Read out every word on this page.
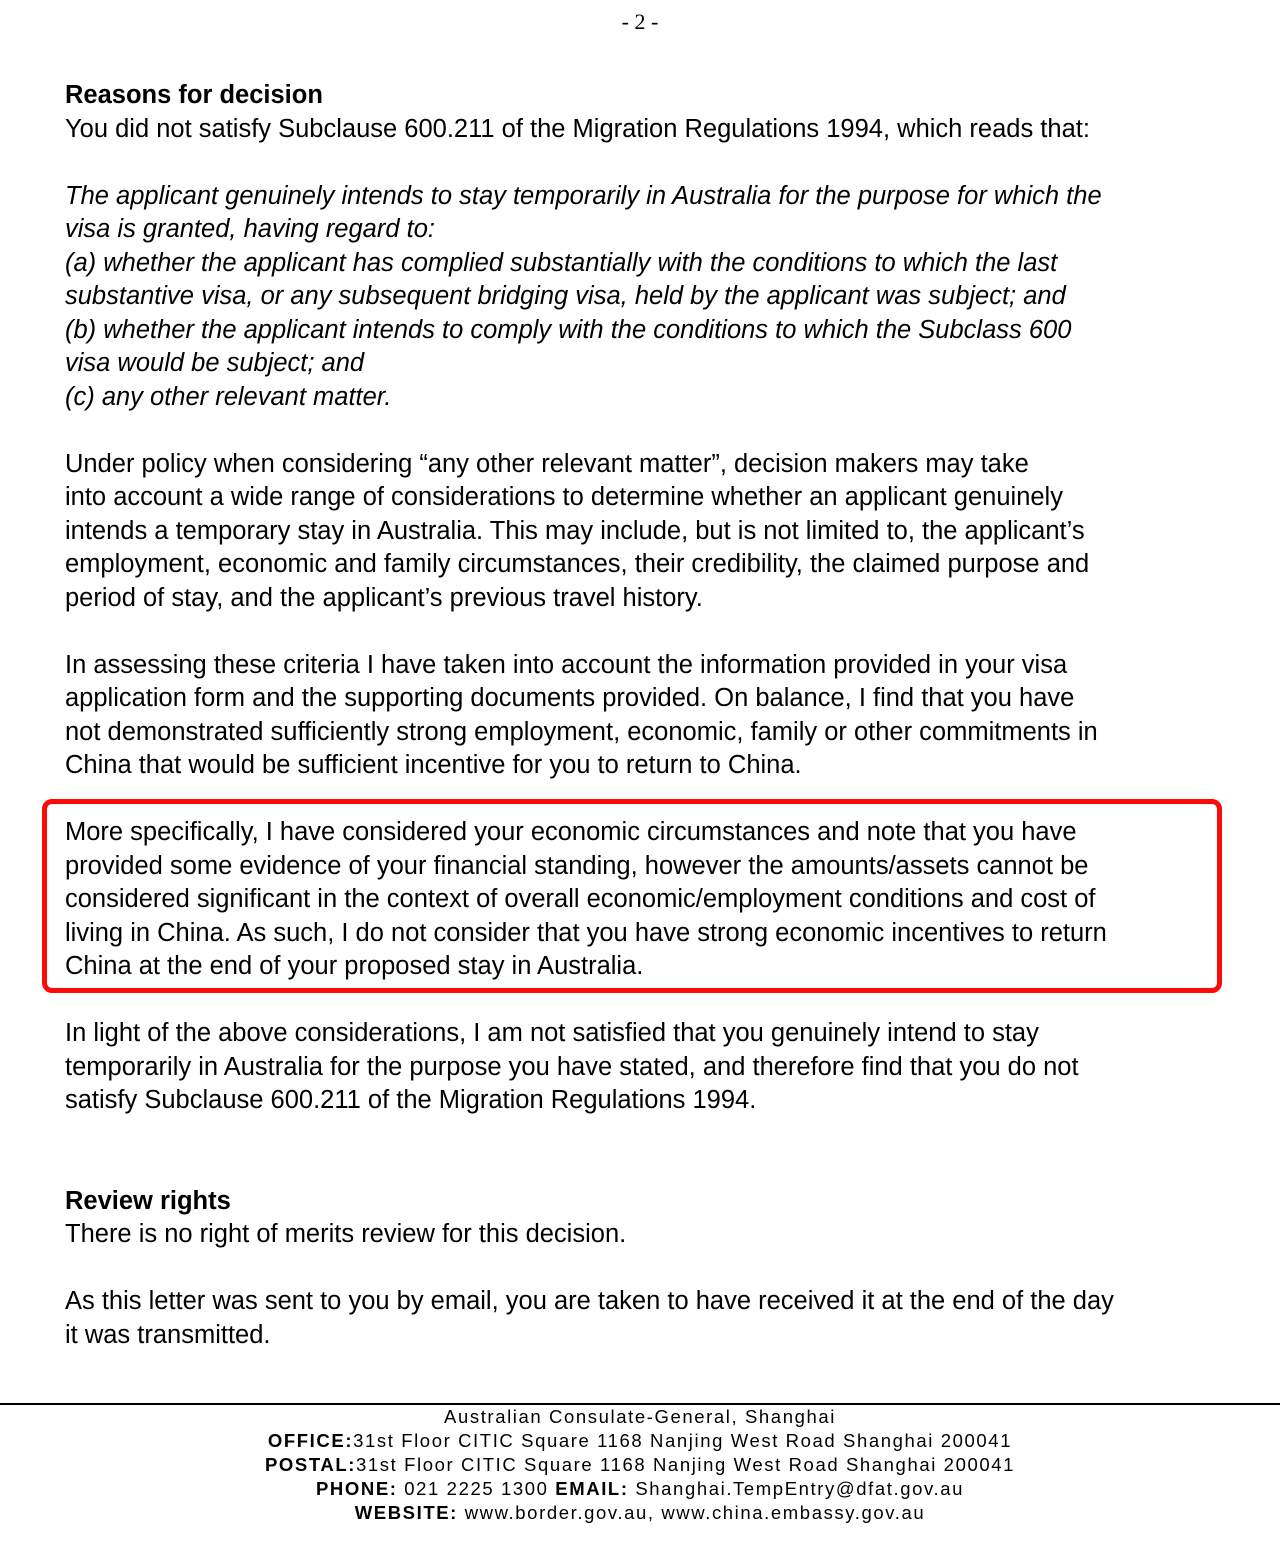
- 2 -

Reasons for decision

You did not satisfy Subclause 600.211 of the Migration Regulations 1994, which reads that:

The applicant genuinely intends to stay temporarily in Australia for the purpose for which the

visa is granted, having regard to:

(a) whether the applicant has complied substantially with the conditions to which the last

substantive visa, or any subsequent bridging visa, held by the applicant was subject; and

(b) whether the applicant intends to comply with the conditions to which the Subclass 600

visa would be subject; and

(c) any other relevant matter.

Under policy when considering “any other relevant matter”, decision makers may take

into account a wide range of considerations to determine whether an applicant genuinely

intends a temporary stay in Australia. This may include, but is not limited to, the applicant’s

employment, economic and family circumstances, their credibility, the claimed purpose and

period of stay, and the applicant’s previous travel history.

In assessing these criteria I have taken into account the information provided in your visa

application form and the supporting documents provided. On balance, I find that you have

not demonstrated sufficiently strong employment, economic, family or other commitments in

China that would be sufficient incentive for you to return to China.

More specifically, I have considered your economic circumstances and note that you have

provided some evidence of your financial standing, however the amounts/assets cannot be

considered significant in the context of overall economic/employment conditions and cost of

living in China. As such, I do not consider that you have strong economic incentives to return

China at the end of your proposed stay in Australia.

In light of the above considerations, I am not satisfied that you genuinely intend to stay

temporarily in Australia for the purpose you have stated, and therefore find that you do not

satisfy Subclause 600.211 of the Migration Regulations 1994.

Review rights

There is no right of merits review for this decision.

As this letter was sent to you by email, you are taken to have received it at the end of the day

it was transmitted.

Australian Consulate-General, Shanghai
OFFICE:31st Floor CITIC Square 1168 Nanjing West Road Shanghai 200041
POSTAL:31st Floor CITIC Square 1168 Nanjing West Road Shanghai 200041
PHONE: 021 2225 1300 EMAIL: Shanghai.TempEntry@dfat.gov.au
WEBSITE: www.border.gov.au, www.china.embassy.gov.au
